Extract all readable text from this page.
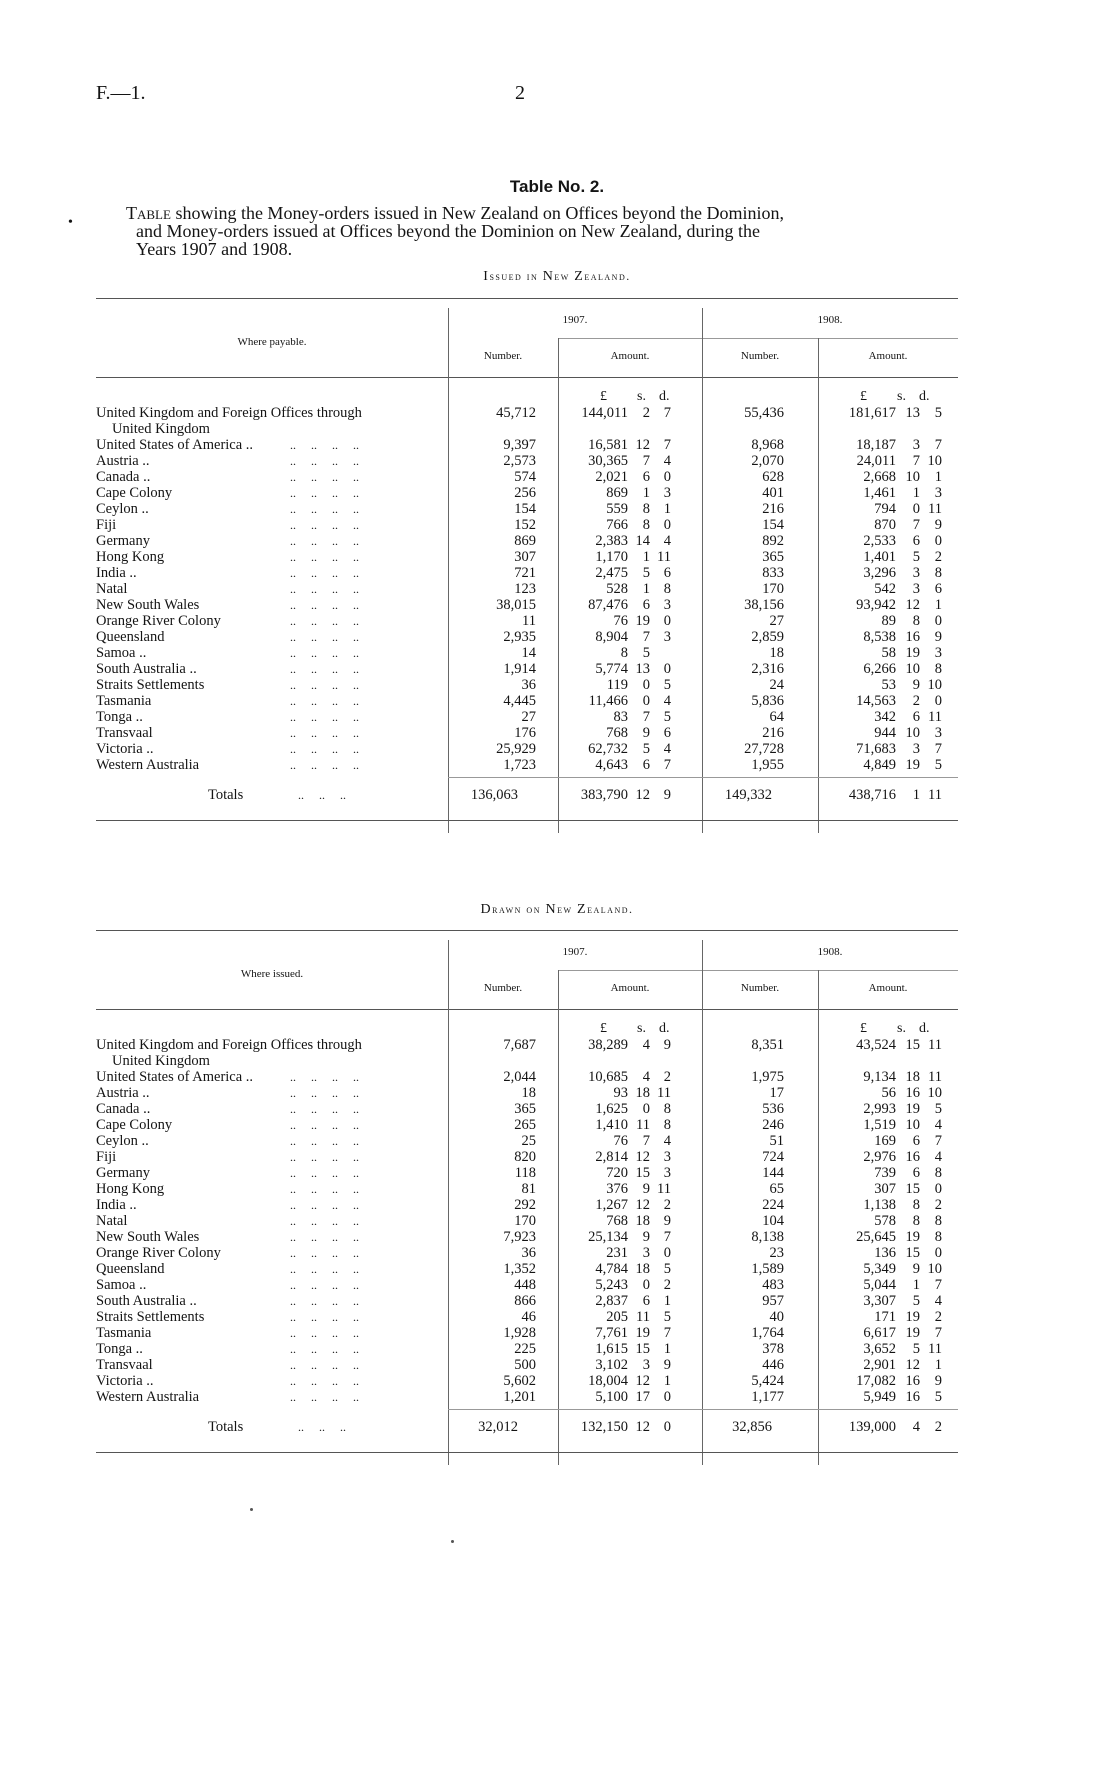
F.—1.	2
Table No. 2.
•	Table showing the Money-orders issued in New Zealand on Offices beyond the Dominion,
and Money-orders issued at Offices beyond the Dominion on New Zealand, during the
Years 1907 and 1908.
Issued in New Zealand.
Where payable.
1907.	1908.
Number.	Amount.	Number.	Amount.
£ s. d.	£ s. d.
United Kingdom and Foreign Offices through	45,712	144,011 2 7	55,436	181,617 13 5
United Kingdom
United States of America ..	..     ..     ..     ..	9,397	16,581 12 7	8,968	18,187 3 7
Austria ..	..     ..     ..     ..	2,573	30,365 7 4	2,070	24,011 7 10
Canada ..	..     ..     ..     ..	574	2,021 6 0	628	2,668 10 1
Cape Colony	..     ..     ..     ..	256	869 1 3	401	1,461 1 3
Ceylon ..	..     ..     ..     ..	154	559 8 1	216	794 0 11
Fiji	..     ..     ..     ..	152	766 8 0	154	870 7 9
Germany	..     ..     ..     ..	869	2,383 14 4	892	2,533 6 0
Hong Kong	..     ..     ..     ..	307	1,170 1 11	365	1,401 5 2
India ..	..     ..     ..     ..	721	2,475 5 6	833	3,296 3 8
Natal	..     ..     ..     ..	123	528 1 8	170	542 3 6
New South Wales	..     ..     ..     ..	38,015	87,476 6 3	38,156	93,942 12 1
Orange River Colony	..     ..     ..     ..	11	76 19 0	27	89 8 0
Queensland	..     ..     ..     ..	2,935	8,904 7 3	2,859	8,538 16 9
Samoa ..	..     ..     ..     ..	14	8 5	18	58 19 3
South Australia ..	..     ..     ..     ..	1,914	5,774 13 0	2,316	6,266 10 8
Straits Settlements	..     ..     ..     ..	36	119 0 5	24	53 9 10
Tasmania	..     ..     ..     ..	4,445	11,466 0 4	5,836	14,563 2 0
Tonga ..	..     ..     ..     ..	27	83 7 5	64	342 6 11
Transvaal	..     ..     ..     ..	176	768 9 6	216	944 10 3
Victoria ..	..     ..     ..     ..	25,929	62,732 5 4	27,728	71,683 3 7
Western Australia	..     ..     ..     ..	1,723	4,643 6 7	1,955	4,849 19 5
Totals	..     ..     ..	136,063	383,790 12 9	149,332	438,716 1 11
Drawn on New Zealand.
Where issued.
1907.	1908.
Number.	Amount.	Number.	Amount.
£ s. d.	£ s. d.
United Kingdom and Foreign Offices through	7,687	38,289 4 9	8,351	43,524 15 11
United Kingdom
United States of America ..	..     ..     ..     ..	2,044	10,685 4 2	1,975	9,134 18 11
Austria ..	..     ..     ..     ..	18	93 18 11	17	56 16 10
Canada ..	..     ..     ..     ..	365	1,625 0 8	536	2,993 19 5
Cape Colony	..     ..     ..     ..	265	1,410 11 8	246	1,519 10 4
Ceylon ..	..     ..     ..     ..	25	76 7 4	51	169 6 7
Fiji	..     ..     ..     ..	820	2,814 12 3	724	2,976 16 4
Germany	..     ..     ..     ..	118	720 15 3	144	739 6 8
Hong Kong	..     ..     ..     ..	81	376 9 11	65	307 15 0
India ..	..     ..     ..     ..	292	1,267 12 2	224	1,138 8 2
Natal	..     ..     ..     ..	170	768 18 9	104	578 8 8
New South Wales	..     ..     ..     ..	7,923	25,134 9 7	8,138	25,645 19 8
Orange River Colony	..     ..     ..     ..	36	231 3 0	23	136 15 0
Queensland	..     ..     ..     ..	1,352	4,784 18 5	1,589	5,349 9 10
Samoa ..	..     ..     ..     ..	448	5,243 0 2	483	5,044 1 7
South Australia ..	..     ..     ..     ..	866	2,837 6 1	957	3,307 5 4
Straits Settlements	..     ..     ..     ..	46	205 11 5	40	171 19 2
Tasmania	..     ..     ..     ..	1,928	7,761 19 7	1,764	6,617 19 7
Tonga ..	..     ..     ..     ..	225	1,615 15 1	378	3,652 5 11
Transvaal	..     ..     ..     ..	500	3,102 3 9	446	2,901 12 1
Victoria ..	..     ..     ..     ..	5,602	18,004 12 1	5,424	17,082 16 9
Western Australia	..     ..     ..     ..	1,201	5,100 17 0	1,177	5,949 16 5
Totals	..     ..     ..	32,012	132,150 12 0	32,856	139,000 4 2
